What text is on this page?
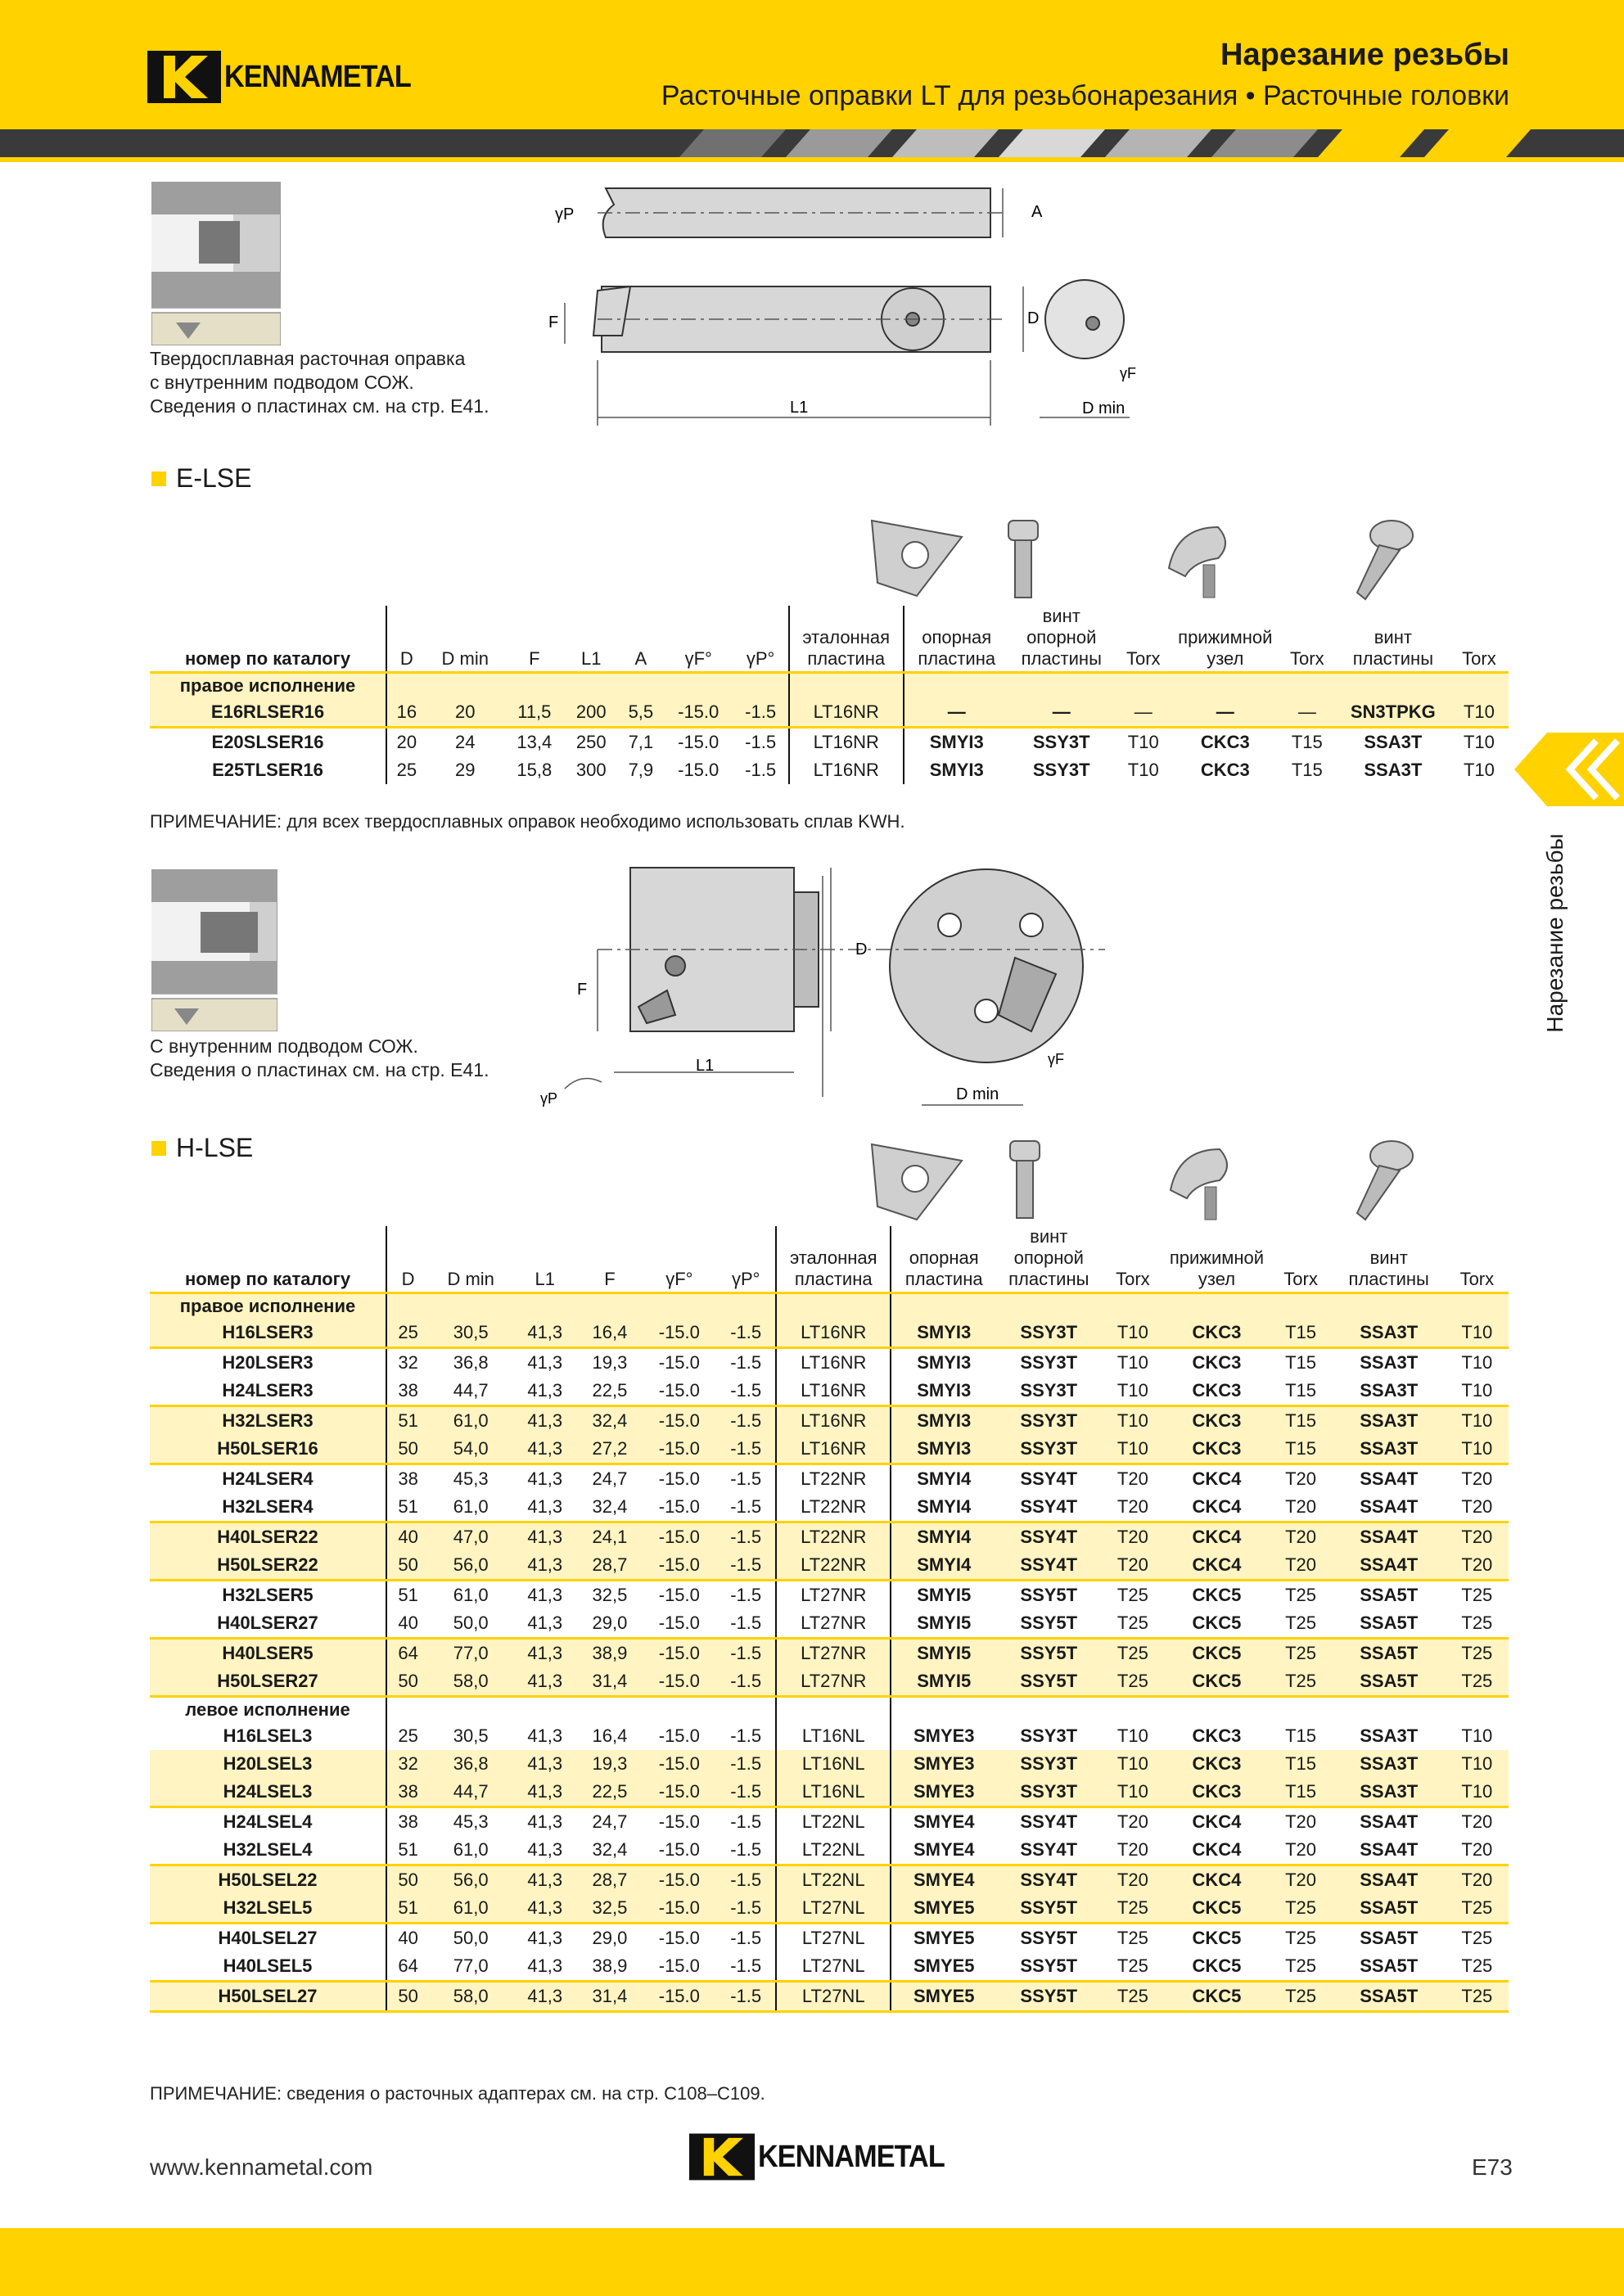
KENNAMETAL
Нарезание резьбы
Расточные оправки LT для резьбонарезания • Расточные головки
Нарезание резьбы
Твердосплавная расточная оправка
с внутренним подводом СОЖ.
Сведения о пластинах см. на стр. E41.
γP	A
F	D
L1
γF
D min
E-LSE
номер по каталогу	D	D min	F	L1	A	γF°	γP°	эталонная пластина	опорная пластина	винт опорной пластины	Torx	прижимной узел	Torx	винт пластины	Torx
правое исполнение															
E16RLSER16	16	20	11,5	200	5,5	-15.0	-1.5	LT16NR	—	—	—	—	—	SN3TPKG	T10
E20SLSER16	20	24	13,4	250	7,1	-15.0	-1.5	LT16NR	SMYI3	SSY3T	T10	CKC3	T15	SSA3T	T10
E25TLSER16	25	29	15,8	300	7,9	-15.0	-1.5	LT16NR	SMYI3	SSY3T	T10	CKC3	T15	SSA3T	T10
ПРИМЕЧАНИЕ: для всех твердосплавных оправок необходимо использовать сплав KWH.
С внутренним подводом СОЖ.
Сведения о пластинах см. на стр. E41.
D
F
L1
γP
γF
D min
H-LSE
номер по каталогу	D	D min	L1	F	γF°	γP°	эталонная пластина	опорная пластина	винт опорной пластины	Torx	прижимной узел	Torx	винт пластины	Torx
правое исполнение														
H16LSER3	25	30,5	41,3	16,4	-15.0	-1.5	LT16NR	SMYI3	SSY3T	T10	CKC3	T15	SSA3T	T10
H20LSER3	32	36,8	41,3	19,3	-15.0	-1.5	LT16NR	SMYI3	SSY3T	T10	CKC3	T15	SSA3T	T10
H24LSER3	38	44,7	41,3	22,5	-15.0	-1.5	LT16NR	SMYI3	SSY3T	T10	CKC3	T15	SSA3T	T10
H32LSER3	51	61,0	41,3	32,4	-15.0	-1.5	LT16NR	SMYI3	SSY3T	T10	CKC3	T15	SSA3T	T10
H50LSER16	50	54,0	41,3	27,2	-15.0	-1.5	LT16NR	SMYI3	SSY3T	T10	CKC3	T15	SSA3T	T10
H24LSER4	38	45,3	41,3	24,7	-15.0	-1.5	LT22NR	SMYI4	SSY4T	T20	CKC4	T20	SSA4T	T20
H32LSER4	51	61,0	41,3	32,4	-15.0	-1.5	LT22NR	SMYI4	SSY4T	T20	CKC4	T20	SSA4T	T20
H40LSER22	40	47,0	41,3	24,1	-15.0	-1.5	LT22NR	SMYI4	SSY4T	T20	CKC4	T20	SSA4T	T20
H50LSER22	50	56,0	41,3	28,7	-15.0	-1.5	LT22NR	SMYI4	SSY4T	T20	CKC4	T20	SSA4T	T20
H32LSER5	51	61,0	41,3	32,5	-15.0	-1.5	LT27NR	SMYI5	SSY5T	T25	CKC5	T25	SSA5T	T25
H40LSER27	40	50,0	41,3	29,0	-15.0	-1.5	LT27NR	SMYI5	SSY5T	T25	CKC5	T25	SSA5T	T25
H40LSER5	64	77,0	41,3	38,9	-15.0	-1.5	LT27NR	SMYI5	SSY5T	T25	CKC5	T25	SSA5T	T25
H50LSER27	50	58,0	41,3	31,4	-15.0	-1.5	LT27NR	SMYI5	SSY5T	T25	CKC5	T25	SSA5T	T25
левое исполнение														
H16LSEL3	25	30,5	41,3	16,4	-15.0	-1.5	LT16NL	SMYE3	SSY3T	T10	CKC3	T15	SSA3T	T10
H20LSEL3	32	36,8	41,3	19,3	-15.0	-1.5	LT16NL	SMYE3	SSY3T	T10	CKC3	T15	SSA3T	T10
H24LSEL3	38	44,7	41,3	22,5	-15.0	-1.5	LT16NL	SMYE3	SSY3T	T10	CKC3	T15	SSA3T	T10
H24LSEL4	38	45,3	41,3	24,7	-15.0	-1.5	LT22NL	SMYE4	SSY4T	T20	CKC4	T20	SSA4T	T20
H32LSEL4	51	61,0	41,3	32,4	-15.0	-1.5	LT22NL	SMYE4	SSY4T	T20	CKC4	T20	SSA4T	T20
H50LSEL22	50	56,0	41,3	28,7	-15.0	-1.5	LT22NL	SMYE4	SSY4T	T20	CKC4	T20	SSA4T	T20
H32LSEL5	51	61,0	41,3	32,5	-15.0	-1.5	LT27NL	SMYE5	SSY5T	T25	CKC5	T25	SSA5T	T25
H40LSEL27	40	50,0	41,3	29,0	-15.0	-1.5	LT27NL	SMYE5	SSY5T	T25	CKC5	T25	SSA5T	T25
H40LSEL5	64	77,0	41,3	38,9	-15.0	-1.5	LT27NL	SMYE5	SSY5T	T25	CKC5	T25	SSA5T	T25
H50LSEL27	50	58,0	41,3	31,4	-15.0	-1.5	LT27NL	SMYE5	SSY5T	T25	CKC5	T25	SSA5T	T25
ПРИМЕЧАНИЕ: сведения о расточных адаптерах см. на стр. C108–C109.
www.kennametal.com	KENNAMETAL	E73
